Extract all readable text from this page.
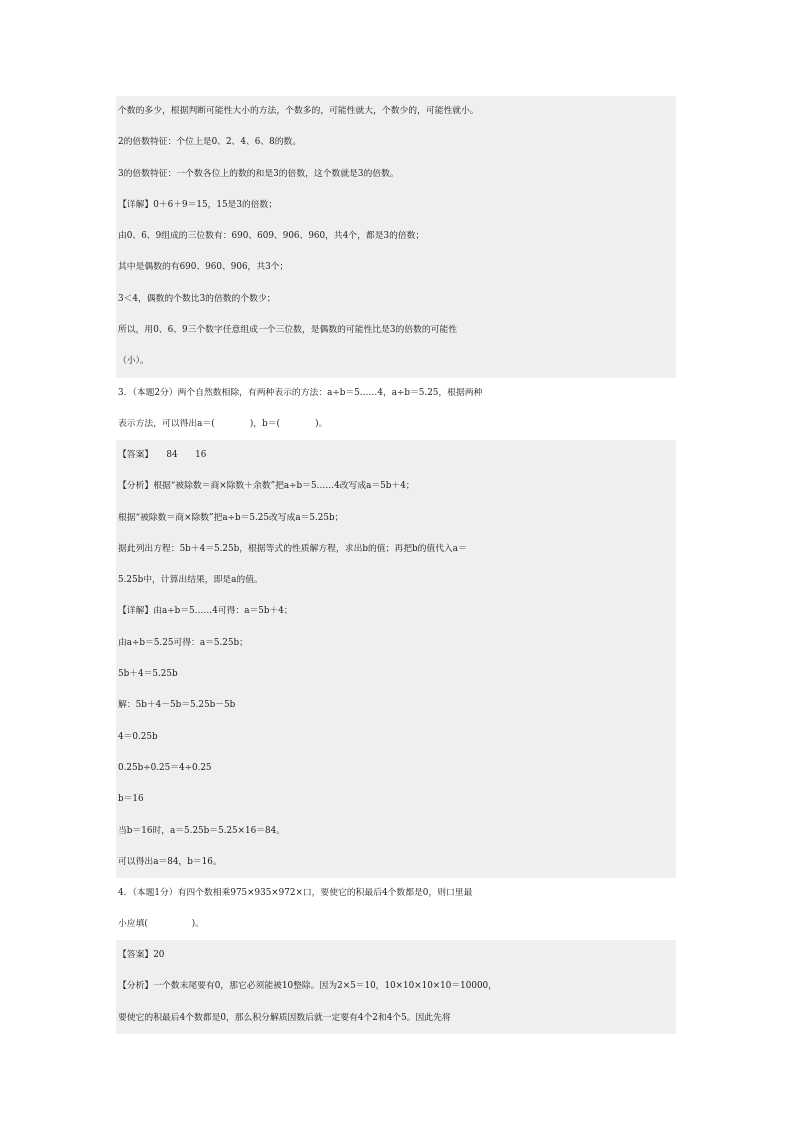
个数的多少，根据判断可能性大小的方法，个数多的，可能性就大，个数少的，可能性就小。
2的倍数特征：个位上是0、2、4、6、8的数。
3的倍数特征：一个数各位上的数的和是3的倍数，这个数就是3的倍数。
【详解】0＋6＋9＝15，15是3的倍数；
由0、6、9组成的三位数有：690、609、906、960，共4个，都是3的倍数；
其中是偶数的有690、960、906，共3个；
3＜4，偶数的个数比3的倍数的个数少；
所以，用0、6、9三个数字任意组成一个三位数，是偶数的可能性比是3的倍数的可能性
（小）。
3．（本题2分）两个自然数相除，有两种表示的方法：a÷b＝5……4，a÷b＝5.25，根据两种
表示方法，可以得出a＝(　　　　)，b＝(　　　　)。
【答案】　　84　　16
【分析】根据“被除数＝商×除数＋余数”把a÷b＝5……4改写成a＝5b＋4；
根据“被除数＝商×除数”把a÷b＝5.25改写成a＝5.25b；
据此列出方程：5b＋4＝5.25b，根据等式的性质解方程，求出b的值；再把b的值代入a＝
5.25b中，计算出结果，即是a的值。
【详解】由a÷b＝5……4可得：a＝5b＋4；
由a÷b＝5.25可得：a＝5.25b；
5b＋4＝5.25b
解：5b＋4－5b＝5.25b－5b
4＝0.25b
0.25b÷0.25＝4÷0.25
b＝16
当b＝16时，a＝5.25b＝5.25×16＝84。
可以得出a＝84，b＝16。
4．（本题1分）有四个数相乘975×935×972×口，要使它的积最后4个数都是0，则口里最
小应填(　　　　　)。
【答案】20
【分析】一个数末尾要有0，那它必须能被10整除。因为2×5＝10，10×10×10×10＝10000，
要使它的积最后4个数都是0，那么积分解质因数后就一定要有4个2和4个5。因此先将
